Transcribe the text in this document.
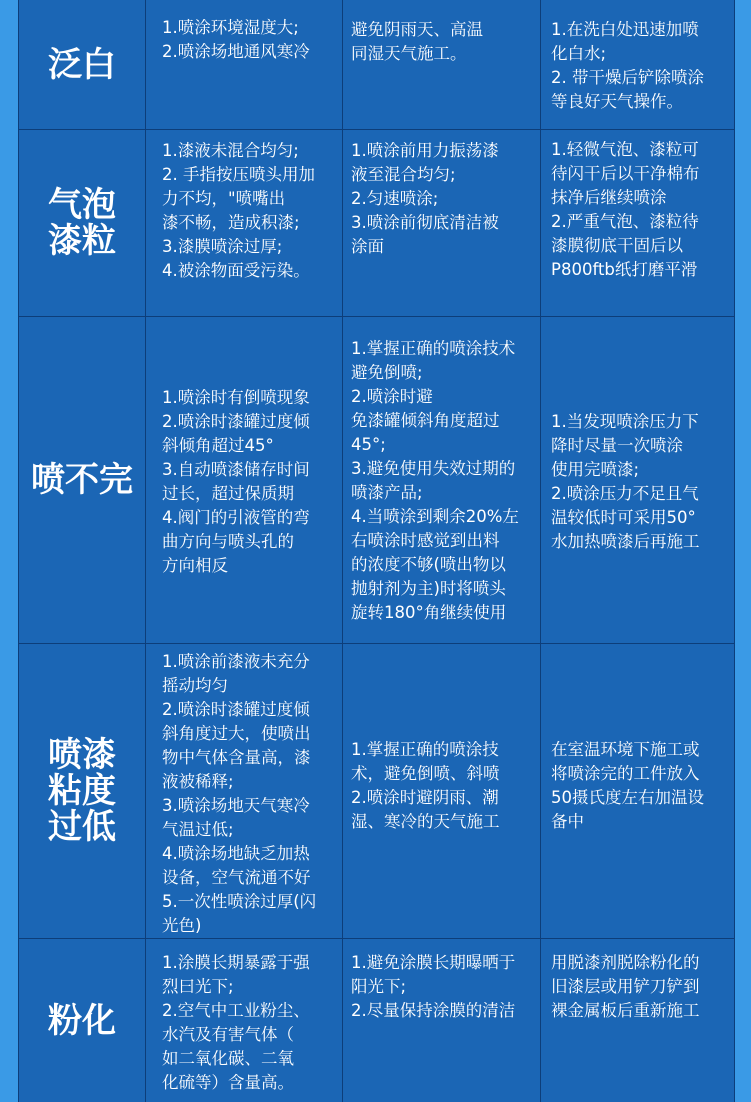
泛白
1.喷涂环境湿度大;
2.喷涂场地通风寒冷
避免阴雨天、高温
同湿天气施工。
1.在洗白处迅速加喷
化白水;
2. 带干燥后铲除喷涂
等良好天气操作。
气泡
漆粒
1.漆液未混合均匀;
2. 手指按压喷头用加
力不均，"喷嘴出
漆不畅，造成积漆;
3.漆膜喷涂过厚;
4.被涂物面受污染。
1.喷涂前用力振荡漆
液至混合均匀;
2.匀速喷涂;
3.喷涂前彻底清洁被
涂面
1.轻微气泡、漆粒可
待闪干后以干净棉布
抹净后继续喷涂
2.严重气泡、漆粒待
漆膜彻底干固后以
P800ftb纸打磨平滑
喷不完
1.喷涂时有倒喷现象
2.喷涂时漆罐过度倾
斜倾角超过45°
3.自动喷漆储存时间
过长，超过保质期
4.阀门的引液管的弯
曲方向与喷头孔的
方向相反
1.掌握正确的喷涂技术
避免倒喷;
2.喷涂时避
免漆罐倾斜角度超过
45°;
3.避免使用失效过期的
喷漆产品;
4.当喷涂到剩余20%左
右喷涂时感觉到出料
的浓度不够(喷出物以
抛射剂为主)时将喷头
旋转180°角继续使用
1.当发现喷涂压力下
降时尽量一次喷涂
使用完喷漆;
2.喷涂压力不足且气
温较低时可采用50°
水加热喷漆后再施工
喷漆
粘度
过低
1.喷涂前漆液未充分
摇动均匀
2.喷涂时漆罐过度倾
斜角度过大，使喷出
物中气体含量高，漆
液被稀释;
3.喷涂场地天气寒冷
气温过低;
4.喷涂场地缺乏加热
设备，空气流通不好
5.一次性喷涂过厚(闪
光色)
1.掌握正确的喷涂技
术，避免倒喷、斜喷
2.喷涂时避阴雨、潮
湿、寒冷的天气施工
在室温环境下施工或
将喷涂完的工件放入
50摄氏度左右加温设
备中
粉化
1.涂膜长期暴露于强
烈曰光下;
2.空气中工业粉尘、
水汽及有害气体（
如二氧化碳、二氧
化硫等）含量高。
1.避免涂膜长期曝晒于
阳光下;
2.尽量保持涂膜的清洁
用脱漆剂脱除粉化的
旧漆层或用铲刀铲到
裸金属板后重新施工
